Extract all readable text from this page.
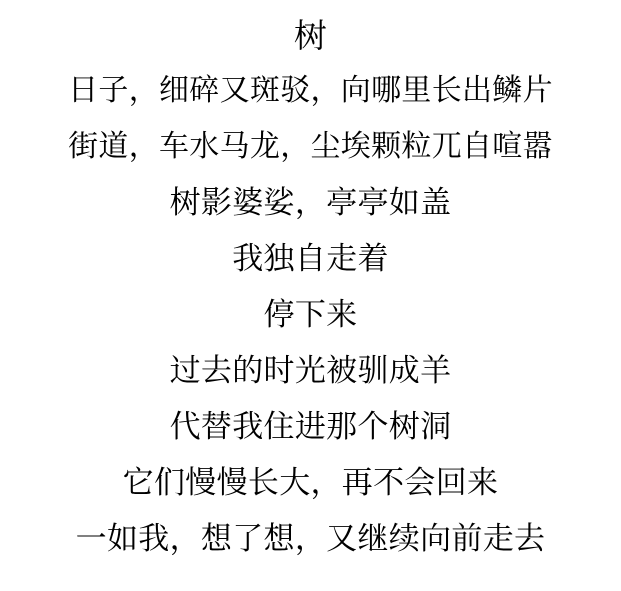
树
日子，细碎又斑驳，向哪里长出鳞片
街道，车水马龙，尘埃颗粒兀自喧嚣
树影婆娑，亭亭如盖
我独自走着
停下来
过去的时光被驯成羊
代替我住进那个树洞
它们慢慢长大，再不会回来
一如我，想了想，又继续向前走去
